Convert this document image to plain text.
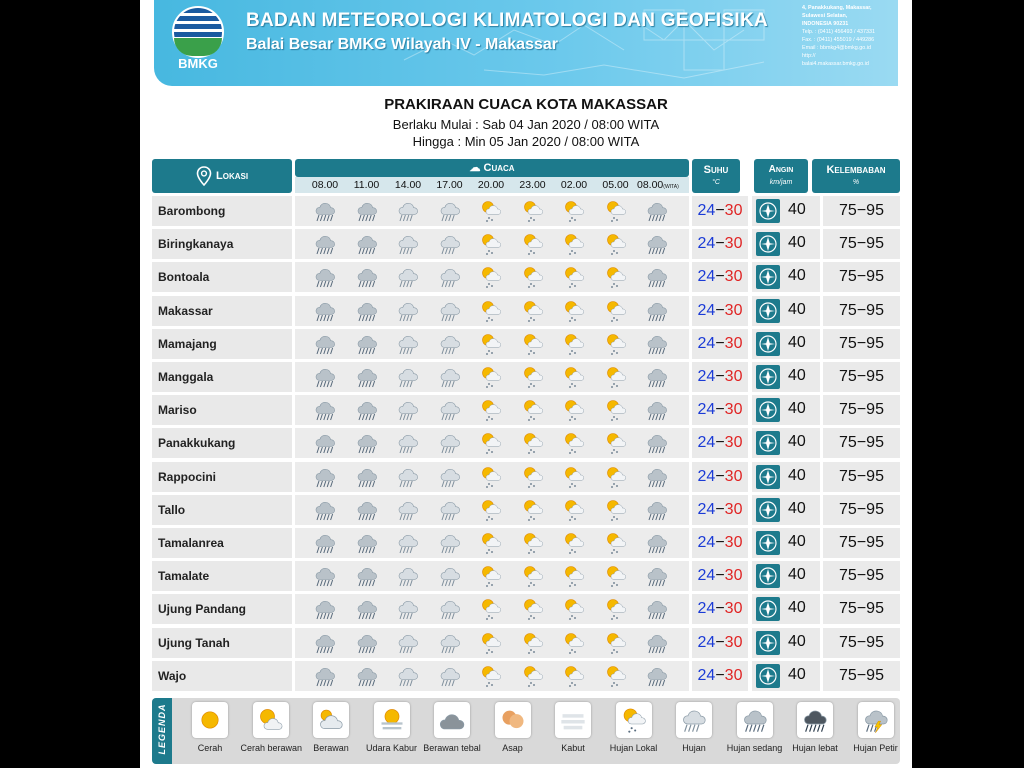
BMKG
BADAN METEOROLOGI KLIMATOLOGI DAN GEOFISIKA
Balai Besar BMKG Wilayah IV - Makassar
4, Panakkukang, Makassar,
Sulawesi Selatan,
INDONESIA 90231
Telp. : (0411) 456493 / 437331
Fax. : (0411) 455019 / 449286
Email : bbmkg4@bmkg.go.id
http://
balai4.makassar.bmkg.go.id
PRAKIRAAN CUACA KOTA MAKASSAR
Berlaku Mulai : Sab 04 Jan 2020 / 08:00 WITA
Hingga : Min 05 Jan 2020 / 08:00 WITA
Lokasi
☁ Cuaca
08.00	11.00	14.00	17.00	20.00	23.00	02.00	05.00 08.00(WITA)
Suhu
°C
Angin
km/jam
Kelembaban
%
Barombong	24−30	40	75−95
Biringkanaya	24−30	40	75−95
Bontoala	24−30	40	75−95
Makassar	24−30	40	75−95
Mamajang	24−30	40	75−95
Manggala	24−30	40	75−95
Mariso	24−30	40	75−95
Panakkukang	24−30	40	75−95
Rappocini	24−30	40	75−95
Tallo	24−30	40	75−95
Tamalanrea	24−30	40	75−95
Tamalate	24−30	40	75−95
Ujung Pandang	24−30	40	75−95
Ujung Tanah	24−30	40	75−95
Wajo	24−30	40	75−95
LEGENDA	Cerah	Cerah berawan	Berawan	Udara Kabur Berawan tebal	Asap	Kabut	Hujan Lokal	Hujan	Hujan sedang	Hujan lebat	Hujan Petir
